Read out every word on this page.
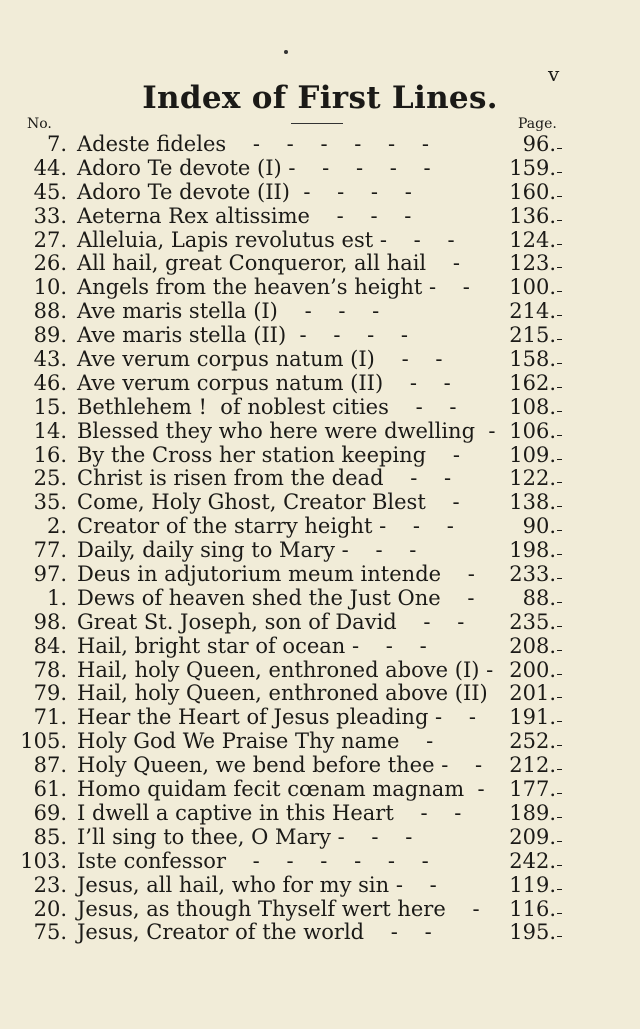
v
Index of First Lines.
No.	Page.
7. Adeste fideles    -    -    -    -    -    -	96.
44. Adoro Te devote (I) -    -    -    -    -	159.
45. Adoro Te devote (II)  -    -    -    -	160.
33. Aeterna Rex altissime    -    -    -	136.
27. Alleluia, Lapis revolutus est -    -    -	124.
26. All hail, great Conqueror, all hail    - 123.
10. Angels from the heaven’s height -    - 100.
88. Ave maris stella (I)    -    -    -	214.
89. Ave maris stella (II)  -    -    -    -	215.
43. Ave verum corpus natum (I)    -    -	158.
46. Ave verum corpus natum (II)    -    -	162.
15. Bethlehem !  of noblest cities    -    -	108.
14. Blessed they who here were dwelling  - 106.
16. By the Cross her station keeping    - 109.
25. Christ is risen from the dead    -    -	122.
35. Come, Holy Ghost, Creator Blest    - 138.
2. Creator of the starry height -    -    -	90.
77. Daily, daily sing to Mary -    -    -	198.
97. Deus in adjutorium meum intende    - 233.
1. Dews of heaven shed the Just One    - 88.
98. Great St. Joseph, son of David    -    - 235.
84. Hail, bright star of ocean -    -    -	208.
78. Hail, holy Queen, enthroned above (I) - 200.
79. Hail, holy Queen, enthroned above (II) 201.
71. Hear the Heart of Jesus pleading -    - 191.
105. Holy God We Praise Thy name    -	252.
87. Holy Queen, we bend before thee -    - 212.
61. Homo quidam fecit cœnam magnam  - 177.
69. I dwell a captive in this Heart    -    - 189.
85. I’ll sing to thee, O Mary -    -    -	209.
103. Iste confessor    -    -    -    -    -    -	242.
23. Jesus, all hail, who for my sin -    -	119.
20. Jesus, as though Thyself wert here    - 116.
75. Jesus, Creator of the world    -    -	195.
